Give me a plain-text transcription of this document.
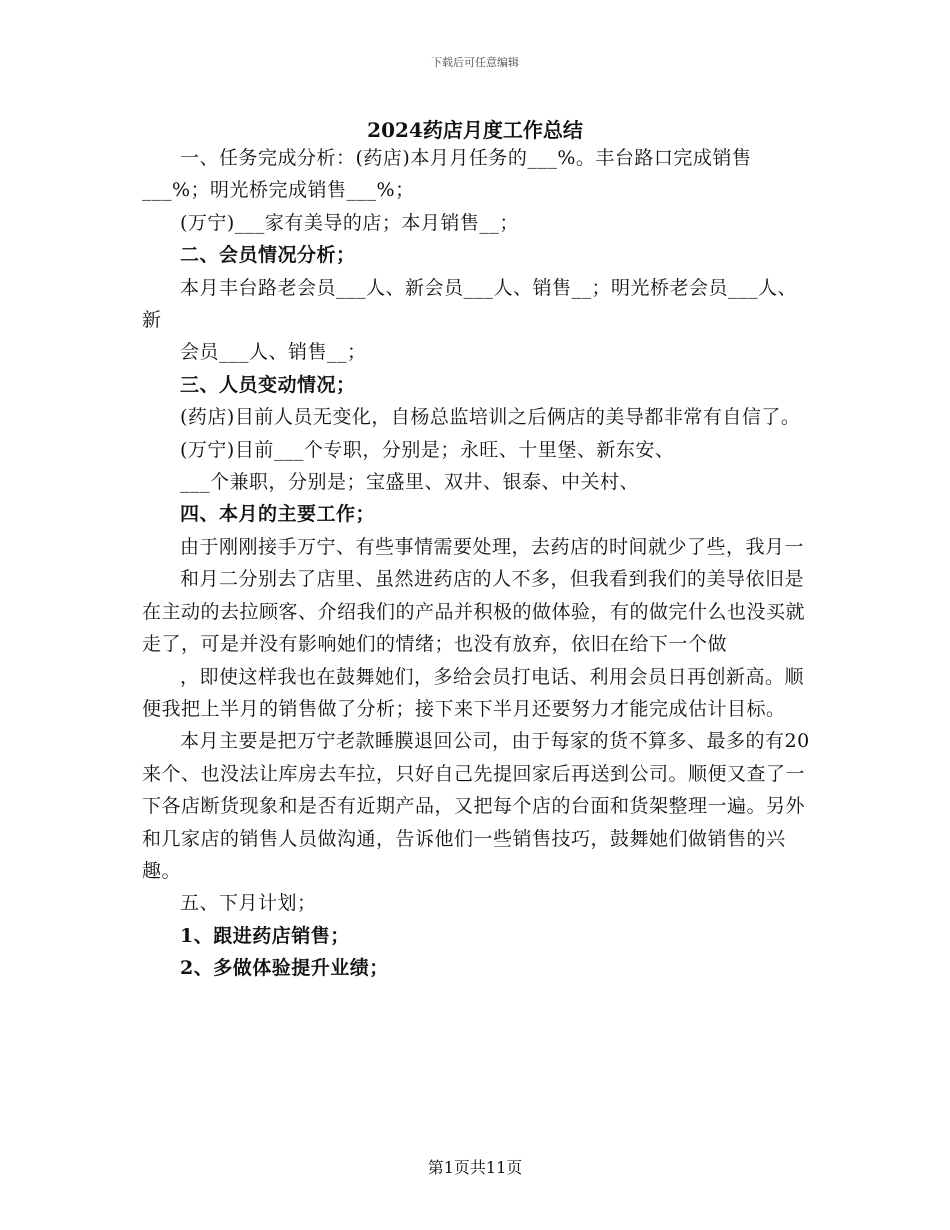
下载后可任意编辑
2024药店月度工作总结

一、任务完成分析：(药店)本月月任务的___%。丰台路口完成销售___%；明光桥完成销售___%；

(万宁)___家有美导的店；本月销售__；

二、会员情况分析；

本月丰台路老会员___人、新会员___人、销售__；明光桥老会员___人、新

会员___人、销售__；

三、人员变动情况；

(药店)目前人员无变化，自杨总监培训之后俩店的美导都非常有自信了。

(万宁)目前___个专职，分别是；永旺、十里堡、新东安、

___个兼职，分别是；宝盛里、双井、银泰、中关村、

四、本月的主要工作；

由于刚刚接手万宁、有些事情需要处理，去药店的时间就少了些，我月一

和月二分别去了店里、虽然进药店的人不多，但我看到我们的美导依旧是在主动的去拉顾客、介绍我们的产品并积极的做体验，有的做完什么也没买就走了，可是并没有影响她们的情绪；也没有放弃，依旧在给下一个做

，即使这样我也在鼓舞她们，多给会员打电话、利用会员日再创新高。顺便我把上半月的销售做了分析；接下来下半月还要努力才能完成估计目标。

本月主要是把万宁老款睡膜退回公司，由于每家的货不算多、最多的有20来个、也没法让库房去车拉，只好自己先提回家后再送到公司。顺便又查了一下各店断货现象和是否有近期产品，又把每个店的台面和货架整理一遍。另外和几家店的销售人员做沟通，告诉他们一些销售技巧，鼓舞她们做销售的兴趣。

五、下月计划；

1、跟进药店销售；

2、多做体验提升业绩；

第1页共11页
